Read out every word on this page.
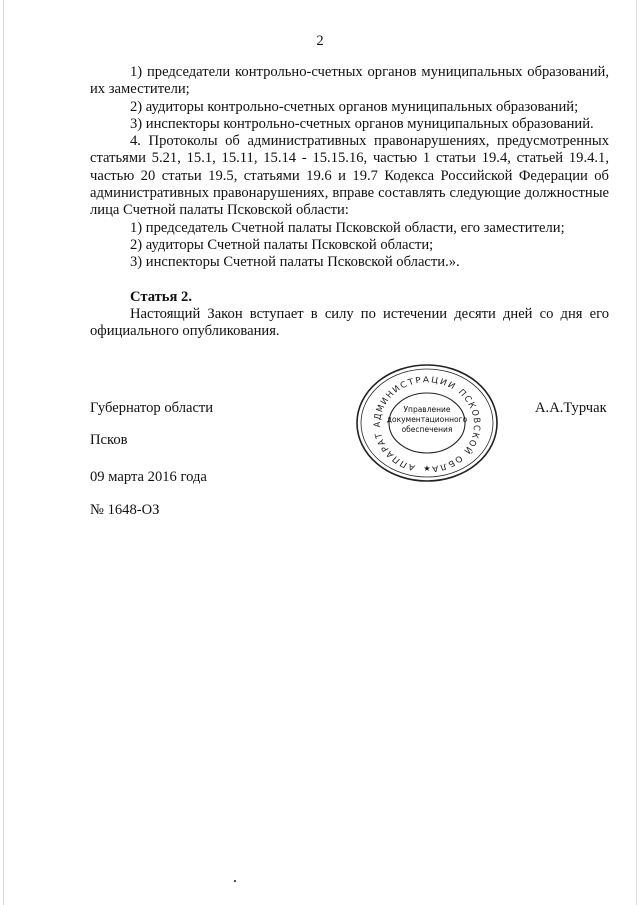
2

1) председатели контрольно-счетных органов муниципальных образований, их заместители;

2) аудиторы контрольно-счетных органов муниципальных образований;

3) инспекторы контрольно-счетных органов муниципальных образований.

4. Протоколы об административных правонарушениях, предусмотренных статьями 5.21, 15.1, 15.11, 15.14 - 15.15.16, частью 1 статьи 19.4, статьей 19.4.1, частью 20 статьи 19.5, статьями 19.6 и 19.7 Кодекса Российской Федерации об административных правонарушениях, вправе составлять следующие должностные лица Счетной палаты Псковской области:

1) председатель Счетной палаты Псковской области, его заместители;

2) аудиторы Счетной палаты Псковской области;

3) инспекторы Счетной палаты Псковской области.».

Статья 2.

Настоящий Закон вступает в силу по истечении десяти дней со дня его официального опубликования.

Губернатор области	А.А.Турчак
Псков
09 марта 2016 года
№ 1648-ОЗ
АППАРАТ АДМИНИСТРАЦИИ ПСКОВСКОЙ ОБЛА
Управление
документационного
обеспечения
★
